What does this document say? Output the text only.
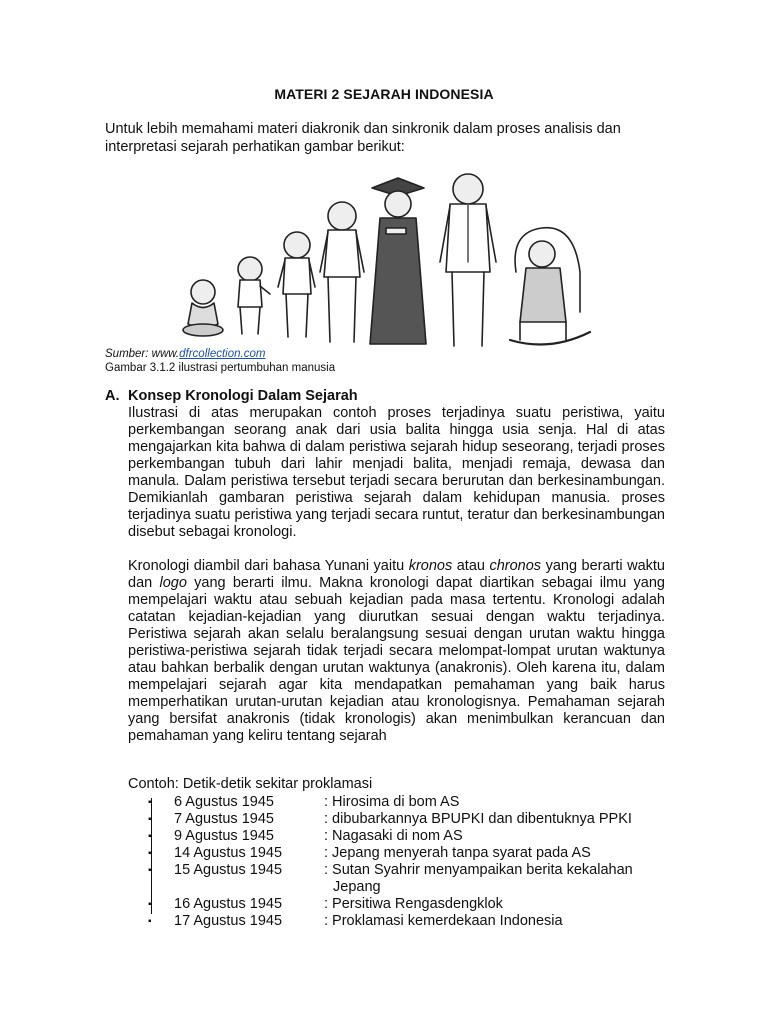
MATERI 2 SEJARAH INDONESIA

Untuk lebih memahami materi diakronik dan sinkronik dalam proses analisis dan interpretasi sejarah perhatikan gambar berikut:

Sumber: www.dfrcollection.com
Gambar 3.1.2 ilustrasi pertumbuhan manusia
A. Konsep Kronologi Dalam Sejarah

Ilustrasi di atas merupakan contoh proses terjadinya suatu peristiwa, yaitu perkembangan seorang anak dari usia balita hingga usia senja. Hal di atas mengajarkan kita bahwa di dalam peristiwa sejarah hidup seseorang, terjadi proses perkembangan tubuh dari lahir menjadi balita, menjadi remaja, dewasa dan manula. Dalam peristiwa tersebut terjadi secara berurutan dan berkesinambungan. Demikianlah gambaran peristiwa sejarah dalam kehidupan manusia. proses terjadinya suatu peristiwa yang terjadi secara runtut, teratur dan berkesinambungan disebut sebagai kronologi.

Kronologi diambil dari bahasa Yunani yaitu kronos atau chronos yang berarti waktu dan logo yang berarti ilmu. Makna kronologi dapat diartikan sebagai ilmu yang mempelajari waktu atau sebuah kejadian pada masa tertentu. Kronologi adalah catatan kejadian-kejadian yang diurutkan sesuai dengan waktu terjadinya. Peristiwa sejarah akan selalu beralangsung sesuai dengan urutan waktu hingga peristiwa-peristiwa sejarah tidak terjadi secara melompat-lompat urutan waktunya atau bahkan berbalik dengan urutan waktunya (anakronis). Oleh karena itu, dalam mempelajari sejarah agar kita mendapatkan pemahaman yang baik harus memperhatikan urutan-urutan kejadian atau kronologisnya. Pemahaman sejarah yang bersifat anakronis (tidak kronologis) akan menimbulkan kerancuan dan pemahaman yang keliru tentang sejarah

Contoh: Detik-detik sekitar proklamasi
▪	6 Agustus 1945	: Hirosima di bom AS
▪	7 Agustus 1945	: dibubarkannya BPUPKI dan dibentuknya PPKI
▪	9 Agustus 1945	: Nagasaki di nom AS
▪	14 Agustus 1945	: Jepang menyerah tanpa syarat pada AS
▪	15 Agustus 1945	: Sutan Syahrir menyampaikan berita kekalahan
Jepang
▪	16 Agustus 1945	: Persitiwa Rengasdengklok
▪	17 Agustus 1945	: Proklamasi kemerdekaan Indonesia
